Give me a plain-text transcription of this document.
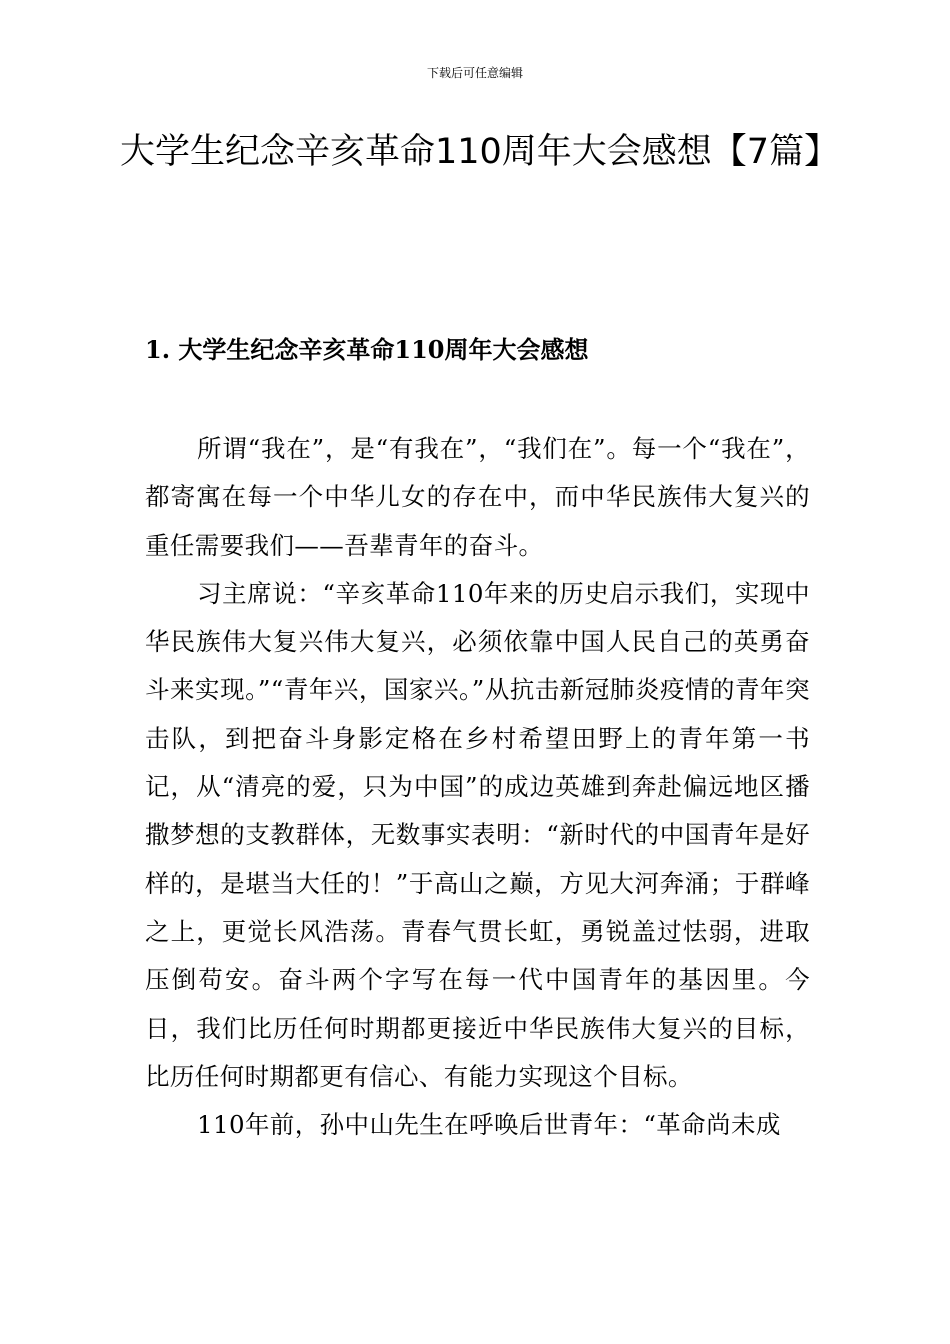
下载后可任意编辑
大学生纪念辛亥革命110周年大会感想【7篇】
1. 大学生纪念辛亥革命110周年大会感想

所谓“我在”，是“有我在”，“我们在”。每一个“我在”，都寄寓在每一个中华儿女的存在中，而中华民族伟大复兴的重任需要我们——吾辈青年的奋斗。

习主席说：“辛亥革命110年来的历史启示我们，实现中华民族伟大复兴伟大复兴，必须依靠中国人民自己的英勇奋斗来实现。”“青年兴，国家兴。”从抗击新冠肺炎疫情的青年突击队，到把奋斗身影定格在乡村希望田野上的青年第一书记，从“清亮的爱，只为中国”的成边英雄到奔赴偏远地区播撒梦想的支教群体，无数事实表明：“新时代的中国青年是好样的，是堪当大任的！”于高山之巅，方见大河奔涌；于群峰之上，更觉长风浩荡。青春气贯长虹，勇锐盖过怯弱，进取压倒苟安。奋斗两个字写在每一代中国青年的基因里。今日，我们比历任何时期都更接近中华民族伟大复兴的目标，比历任何时期都更有信心、有能力实现这个目标。

110年前，孙中山先生在呼唤后世青年：“革命尚未成
